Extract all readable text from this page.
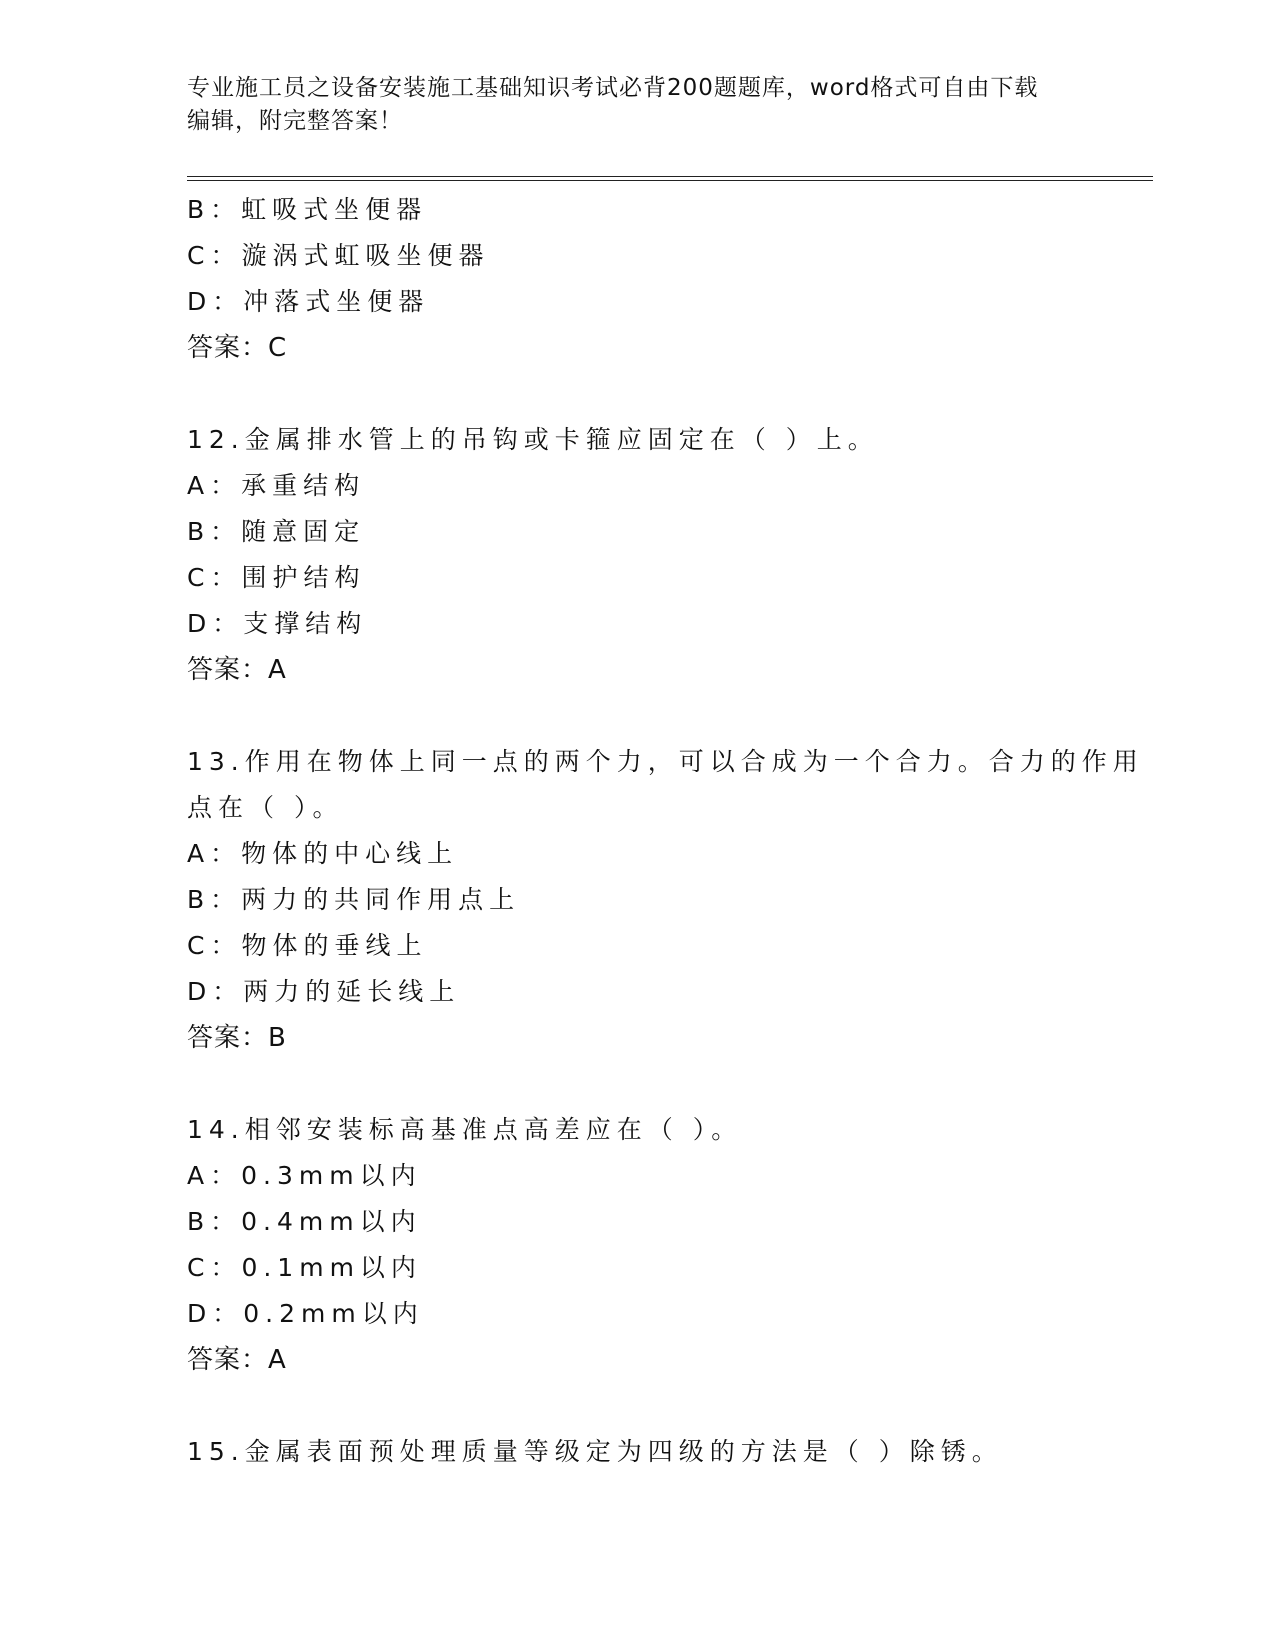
专业施工员之设备安装施工基础知识考试必背200题题库，word格式可自由下载
编辑，附完整答案！
B：虹吸式坐便器
C：漩涡式虹吸坐便器
D：冲落式坐便器
答案：C
12.金属排水管上的吊钩或卡箍应固定在（ ）上。
A：承重结构
B：随意固定
C：围护结构
D：支撑结构
答案：A
13.作用在物体上同一点的两个力，可以合成为一个合力。合力的作用
点在（ ）。
A：物体的中心线上
B：两力的共同作用点上
C：物体的垂线上
D：两力的延长线上
答案：B
14.相邻安装标高基准点高差应在（ ）。
A：0.3mm以内
B：0.4mm以内
C：0.1mm以内
D：0.2mm以内
答案：A
15.金属表面预处理质量等级定为四级的方法是（ ）除锈。
